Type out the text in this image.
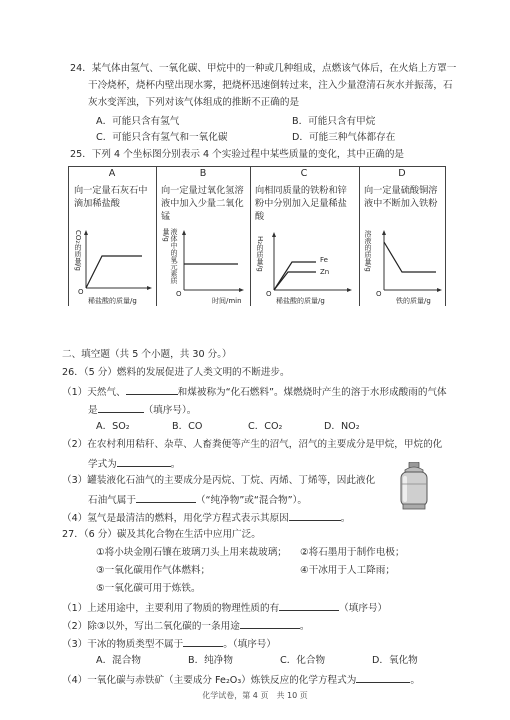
24．某气体由氢气、一氧化碳、甲烷中的一种或几种组成，点燃该气体后，在火焰上方罩一
干冷烧杯，烧杯内壁出现水雾，把烧杯迅速倒转过来，注入少量澄清石灰水并振荡，石
灰水变浑浊，下列对该气体组成的推断不正确的是
A．可能只含有氢气	B．可能只含有甲烷
C．可能只含有氢气和一氧化碳	D．可能三种气体都存在
25．下列 4 个坐标图分别表示 4 个实验过程中某些质量的变化，其中正确的是
A	B	C	D
向一定量石灰石中滴加稀盐酸
向一定量过氧化氢溶液中加入少量二氧化锰
向相同质量的铁粉和锌粉中分别加入足量稀盐酸
向一定量硫酸铜溶液中不断加入铁粉
CO₂的质量/g
O
稀盐酸的质量/g
液体中的氧元素质量/g
O
时间/min
H₂的质量/g	Fe
Zn
O
稀盐酸的质量/g
溶液的质量/g
O
铁的质量/g
二、填空题（共 5 个小题，共 30 分。）
26．（5 分）燃料的发展促进了人类文明的不断进步。
（1）天然气、	和煤被称为“化石燃料”。煤燃烧时产生的溶于水形成酸雨的气体
是	（填序号）。
A．SO₂	B．CO	C．CO₂	D．NO₂
（2）在农村利用秸秆、杂草、人畜粪便等产生的沼气，沼气的主要成分是甲烷，甲烷的化
学式为	。
（3）罐装液化石油气的主要成分是丙烷、丁烷、丙烯、丁烯等，因此液化
石油气属于	（“纯净物”或“混合物”）。
（4）氢气是最清洁的燃料，用化学方程式表示其原因	。
27．（6 分）碳及其化合物在生活中应用广泛。
①将小块金刚石镶在玻璃刀头上用来裁玻璃； ②将石墨用于制作电极；
③一氧化碳用作气体燃料；	④干冰用于人工降雨；
⑤一氧化碳可用于炼铁。
（1）上述用途中，主要利用了物质的物理性质的有	（填序号）
（2）除③以外，写出二氧化碳的一条用途	。
（3）干冰的物质类型不属于	。（填序号）
A．混合物	B．纯净物	C．化合物	D．氧化物
（4）一氧化碳与赤铁矿（主要成分 Fe₂O₃）炼铁反应的化学方程式为	。
化学试卷，第 4 页　共 10 页
